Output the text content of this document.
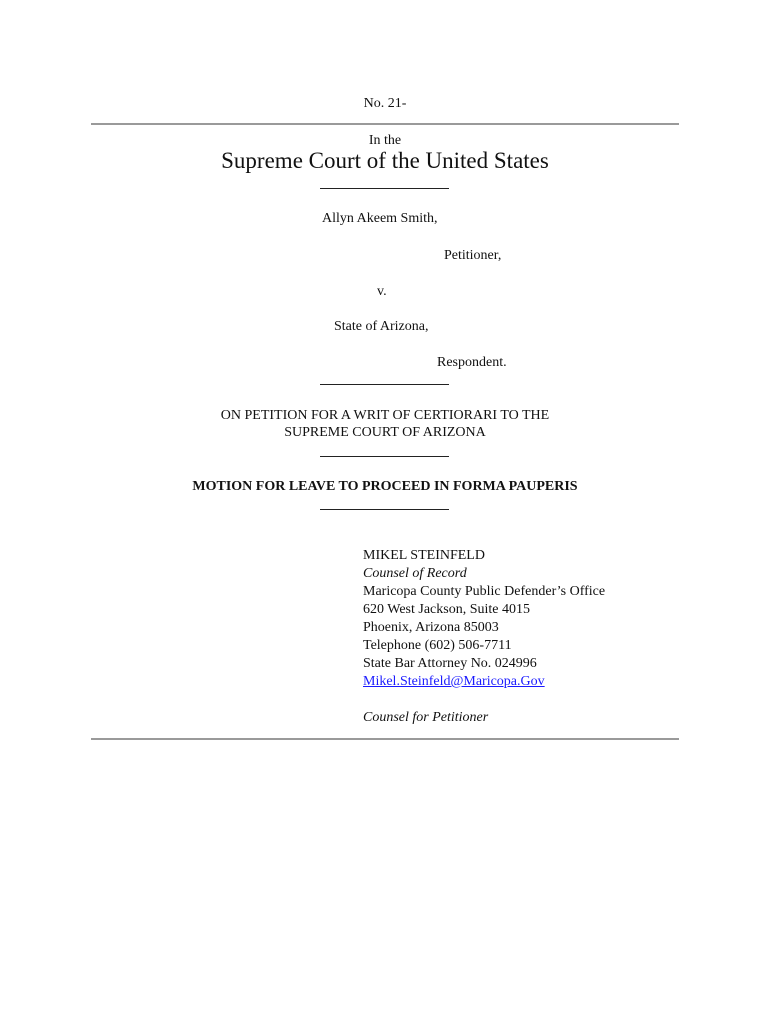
No. 21-
In the
Supreme Court of the United States
Allyn Akeem Smith,
Petitioner,
v.
State of Arizona,
Respondent.
ON PETITION FOR A WRIT OF CERTIORARI TO THE
SUPREME COURT OF ARIZONA
MOTION FOR LEAVE TO PROCEED IN FORMA PAUPERIS
MIKEL STEINFELD
Counsel of Record
Maricopa County Public Defender’s Office
620 West Jackson, Suite 4015
Phoenix, Arizona 85003
Telephone (602) 506-7711
State Bar Attorney No. 024996
Mikel.Steinfeld@Maricopa.Gov
Counsel for Petitioner
